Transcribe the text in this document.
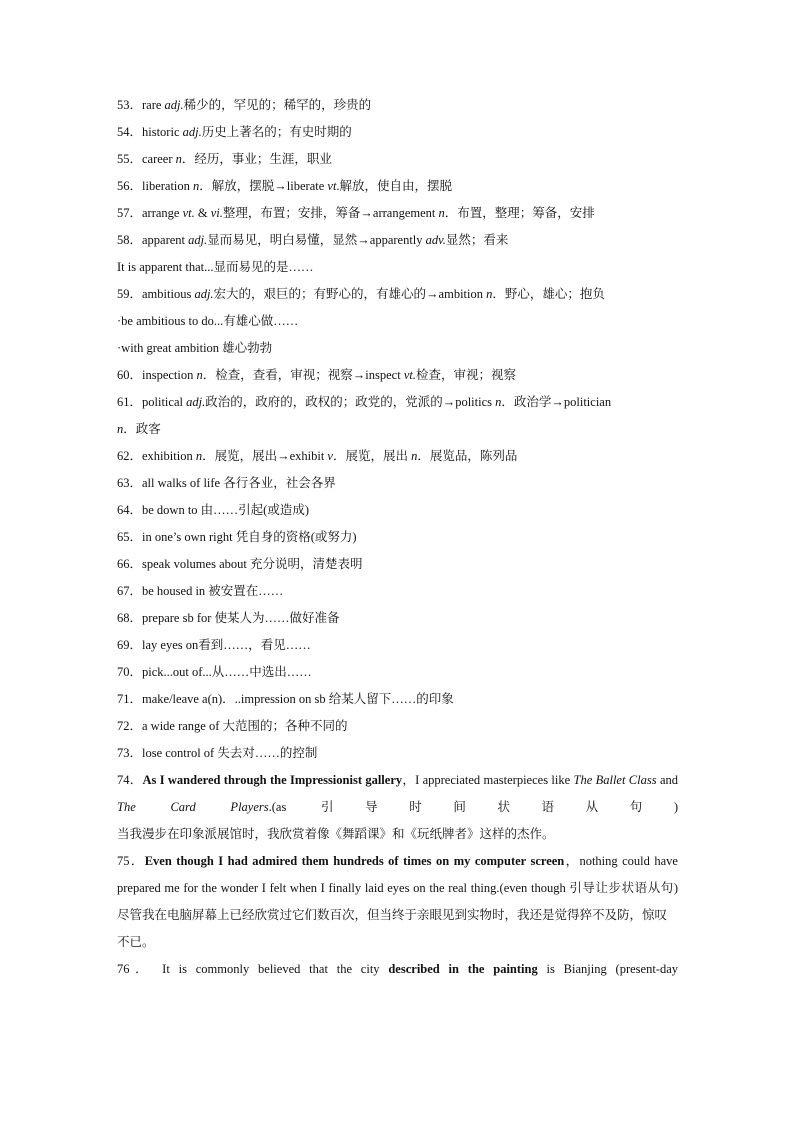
53．rare adj.稀少的，罕见的；稀罕的，珍贵的
54．historic adj.历史上著名的；有史时期的
55．career n．经历，事业；生涯，职业
56．liberation n．解放，摆脱→liberate vt.解放，使自由，摆脱
57．arrange vt. & vi.整理，布置；安排，筹备→arrangement n．布置，整理；筹备，安排
58．apparent adj.显而易见，明白易懂，显然→apparently adv.显然；看来
It is apparent that...显而易见的是……
59．ambitious adj.宏大的，艰巨的；有野心的，有雄心的→ambition n．野心，雄心；抱负
·be ambitious to do...有雄心做……
·with great ambition 雄心勃勃
60．inspection n．检查，查看，审视；视察→inspect vt.检查，审视；视察
61．political adj.政治的，政府的，政权的；政党的，党派的→politics n．政治学→politician
n．政客
62．exhibition n．展览，展出→exhibit v．展览，展出 n．展览品，陈列品
63．all walks of life 各行各业，社会各界
64．be down to 由……引起(或造成)
65．in one’s own right 凭自身的资格(或努力)
66．speak volumes about 充分说明，清楚表明
67．be housed in 被安置在……
68．prepare sb for 使某人为……做好准备
69．lay eyes on看到……，看见……
70．pick...out of...从……中选出……
71．make/leave a(n)．..impression on sb 给某人留下……的印象
72．a wide range of 大范围的；各种不同的
73．lose control of 失去对……的控制
74．As I wandered through the Impressionist gallery，I appreciated masterpieces like The Ballet Class and The Card Players.(as 引导时间状语从句)
当我漫步在印象派展馆时，我欣赏着像《舞蹈课》和《玩纸牌者》这样的杰作。
75．Even though I had admired them hundreds of times on my computer screen，nothing could have prepared me for the wonder I felt when I finally laid eyes on the real thing.(even though 引导让步状语从句)
尽管我在电脑屏幕上已经欣赏过它们数百次，但当终于亲眼见到实物时，我还是觉得猝不及防，惊叹不已。
76． It is commonly believed that the city described in the painting is Bianjing (present-day
